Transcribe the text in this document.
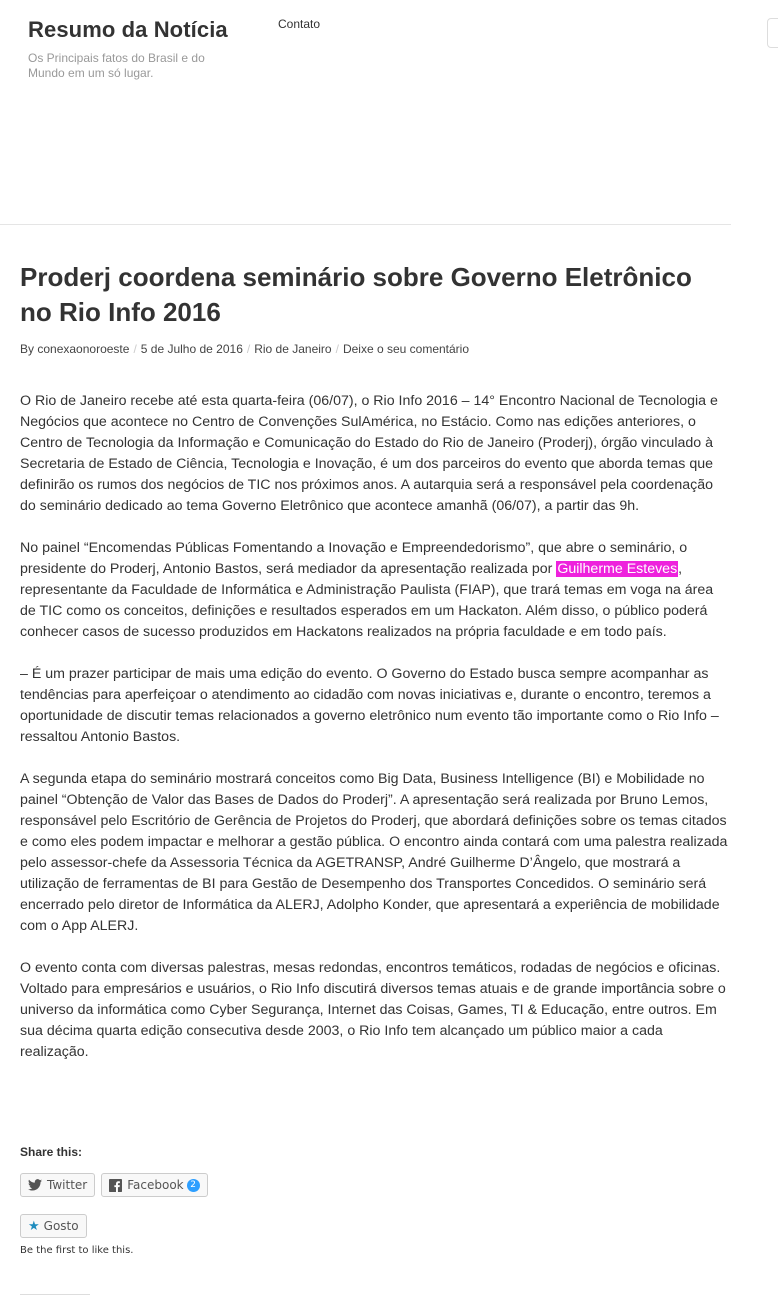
Resumo da Notícia
Os Principais fatos do Brasil e do Mundo em um só lugar.
Contato
Proderj coordena seminário sobre Governo Eletrônico no Rio Info 2016
By conexaonoroeste / 5 de Julho de 2016 / Rio de Janeiro / Deixe o seu comentário

O Rio de Janeiro recebe até esta quarta-feira (06/07), o Rio Info 2016 – 14° Encontro Nacional de Tecnologia e Negócios que acontece no Centro de Convenções SulAmérica, no Estácio. Como nas edições anteriores, o Centro de Tecnologia da Informação e Comunicação do Estado do Rio de Janeiro (Proderj), órgão vinculado à Secretaria de Estado de Ciência, Tecnologia e Inovação, é um dos parceiros do evento que aborda temas que definirão os rumos dos negócios de TIC nos próximos anos. A autarquia será a responsável pela coordenação do seminário dedicado ao tema Governo Eletrônico que acontece amanhã (06/07), a partir das 9h.

No painel “Encomendas Públicas Fomentando a Inovação e Empreendedorismo”, que abre o seminário, o presidente do Proderj, Antonio Bastos, será mediador da apresentação realizada por Guilherme Esteves, representante da Faculdade de Informática e Administração Paulista (FIAP), que trará temas em voga na área de TIC como os conceitos, definições e resultados esperados em um Hackaton. Além disso, o público poderá conhecer casos de sucesso produzidos em Hackatons realizados na própria faculdade e em todo país.

– É um prazer participar de mais uma edição do evento. O Governo do Estado busca sempre acompanhar as tendências para aperfeiçoar o atendimento ao cidadão com novas iniciativas e, durante o encontro, teremos a oportunidade de discutir temas relacionados a governo eletrônico num evento tão importante como o Rio Info – ressaltou Antonio Bastos.

A segunda etapa do seminário mostrará conceitos como Big Data, Business Intelligence (BI) e Mobilidade no painel “Obtenção de Valor das Bases de Dados do Proderj”. A apresentação será realizada por Bruno Lemos, responsável pelo Escritório de Gerência de Projetos do Proderj, que abordará definições sobre os temas citados e como eles podem impactar e melhorar a gestão pública. O encontro ainda contará com uma palestra realizada pelo assessor-chefe da Assessoria Técnica da AGETRANSP, André Guilherme D’Ângelo, que mostrará a utilização de ferramentas de BI para Gestão de Desempenho dos Transportes Concedidos. O seminário será encerrado pelo diretor de Informática da ALERJ, Adolpho Konder, que apresentará a experiência de mobilidade com o App ALERJ.

O evento conta com diversas palestras, mesas redondas, encontros temáticos, rodadas de negócios e oficinas. Voltado para empresários e usuários, o Rio Info discutirá diversos temas atuais e de grande importância sobre o universo da informática como Cyber Segurança, Internet das Coisas, Games, TI & Educação, entre outros. Em sua décima quarta edição consecutiva desde 2003, o Rio Info tem alcançado um público maior a cada realização.

Share this:
Twitter	Facebook 2
★ Gosto
Be the first to like this.
